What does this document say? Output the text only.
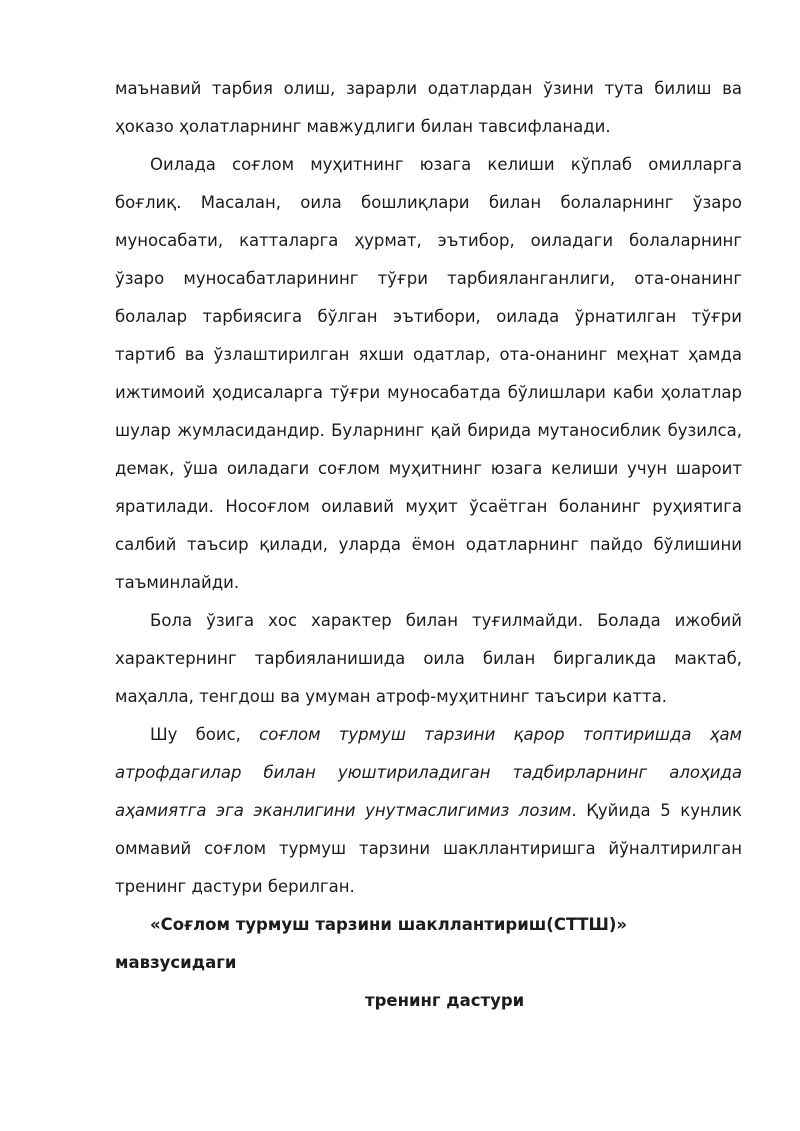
маънавий тарбия олиш, зарарли одатлардан ўзини тута билиш ва ҳоказо ҳолатларнинг мавжудлиги билан тавсифланади.

Оилада соғлом муҳитнинг юзага келиши кўплаб омилларга боғлиқ. Масалан, оила бошлиқлари билан болаларнинг ўзаро муносабати, катталарга ҳурмат, эътибор, оиладаги болаларнинг ўзаро муносабатларининг тўғри тарбияланганлиги, ота-онанинг болалар тарбиясига бўлган эътибори, оилада ўрнатилган тўғри тартиб ва ўзлаштирилган яхши одатлар, ота-онанинг меҳнат ҳамда ижтимоий ҳодисаларга тўғри муносабатда бўлишлари каби ҳолатлар шулар жумласидандир. Буларнинг қай бирида мутаносиблик бузилса, демак, ўша оиладаги соғлом муҳитнинг юзага келиши учун шароит яратилади. Носоғлом оилавий муҳит ўсаётган боланинг руҳиятига салбий таъсир қилади, уларда ёмон одатларнинг пайдо бўлишини таъминлайди.

Бола ўзига хос характер билан туғилмайди. Болада ижобий характернинг тарбияланишида оила билан биргаликда мактаб, маҳалла, тенгдош ва умуман атроф-муҳитнинг таъсири катта.

Шу боис, соғлом турмуш тарзини қарор топтиришда ҳам атрофдагилар билан уюштириладиган тадбирларнинг алоҳида аҳамиятга эга эканлигини унутмаслигимиз лозим. Қуйида 5 кунлик оммавий соғлом турмуш тарзини шакллантиришга йўналтирилган тренинг дастури берилган.

«Соғлом турмуш тарзини шакллантириш(СТТШ)»

мавзусидаги

тренинг дастури
